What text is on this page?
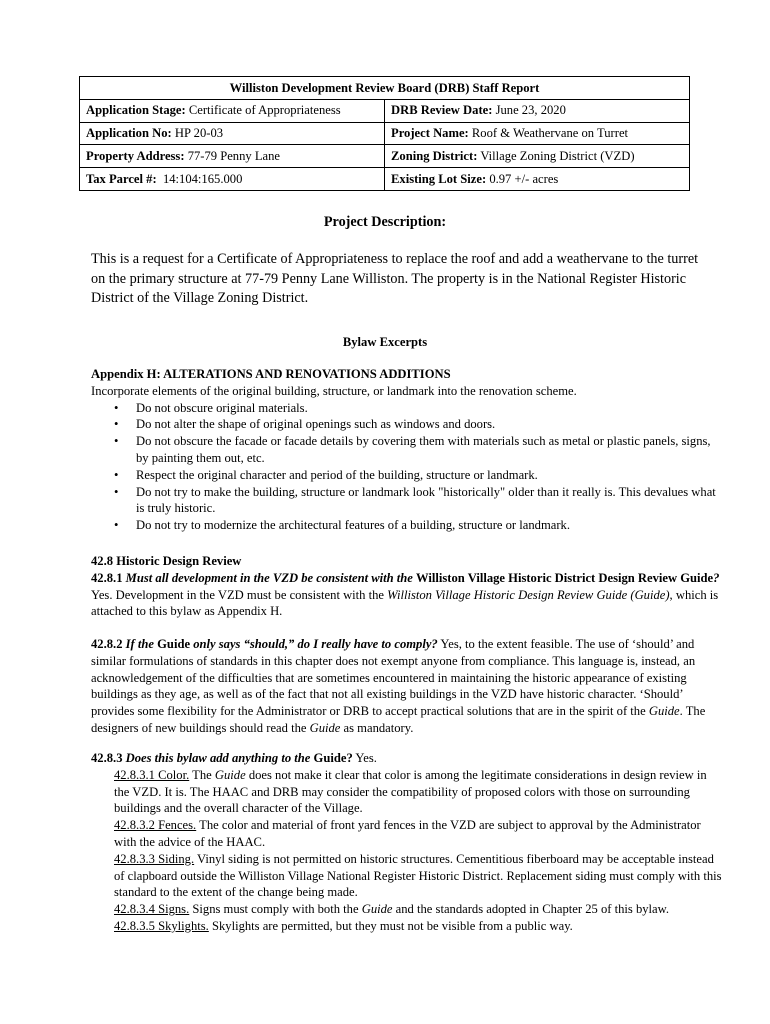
Williston Development Review Board (DRB) Staff Report	
Application Stage: Certificate of Appropriateness	DRB Review Date: June 23, 2020
Application No: HP 20-03	Project Name: Roof & Weathervane on Turret
Property Address: 77-79 Penny Lane	Zoning District: Village Zoning District (VZD)
Tax Parcel #: 14:104:165.000	Existing Lot Size: 0.97 +/- acres
Project Description:

This is a request for a Certificate of Appropriateness to replace the roof and add a weathervane to the turret on the primary structure at 77-79 Penny Lane Williston. The property is in the National Register Historic District of the Village Zoning District.

Bylaw Excerpts

Appendix H: ALTERATIONS AND RENOVATIONS ADDITIONS

Incorporate elements of the original building, structure, or landmark into the renovation scheme.

• Do not obscure original materials.
• Do not alter the shape of original openings such as windows and doors.
• Do not obscure the facade or facade details by covering them with materials such as metal or plastic panels, signs, by painting them out, etc.
• Respect the original character and period of the building, structure or landmark.
• Do not try to make the building, structure or landmark look "historically" older than it really is. This devalues what is truly historic.
• Do not try to modernize the architectural features of a building, structure or landmark.

42.8 Historic Design Review

42.8.1 Must all development in the VZD be consistent with the Williston Village Historic District Design Review Guide? Yes. Development in the VZD must be consistent with the Williston Village Historic Design Review Guide (Guide), which is attached to this bylaw as Appendix H.

42.8.2 If the Guide only says “should,” do I really have to comply? Yes, to the extent feasible. The use of ‘should’ and similar formulations of standards in this chapter does not exempt anyone from compliance. This language is, instead, an acknowledgement of the difficulties that are sometimes encountered in maintaining the historic appearance of existing buildings as they age, as well as of the fact that not all existing buildings in the VZD have historic character. ‘Should’ provides some flexibility for the Administrator or DRB to accept practical solutions that are in the spirit of the Guide. The designers of new buildings should read the Guide as mandatory.

42.8.3 Does this bylaw add anything to the Guide? Yes.

42.8.3.1 Color. The Guide does not make it clear that color is among the legitimate considerations in design review in the VZD. It is. The HAAC and DRB may consider the compatibility of proposed colors with those on surrounding buildings and the overall character of the Village.

42.8.3.2 Fences. The color and material of front yard fences in the VZD are subject to approval by the Administrator with the advice of the HAAC.

42.8.3.3 Siding. Vinyl siding is not permitted on historic structures. Cementitious fiberboard may be acceptable instead of clapboard outside the Williston Village National Register Historic District. Replacement siding must comply with this standard to the extent of the change being made.

42.8.3.4 Signs. Signs must comply with both the Guide and the standards adopted in Chapter 25 of this bylaw.

42.8.3.5 Skylights. Skylights are permitted, but they must not be visible from a public way.
